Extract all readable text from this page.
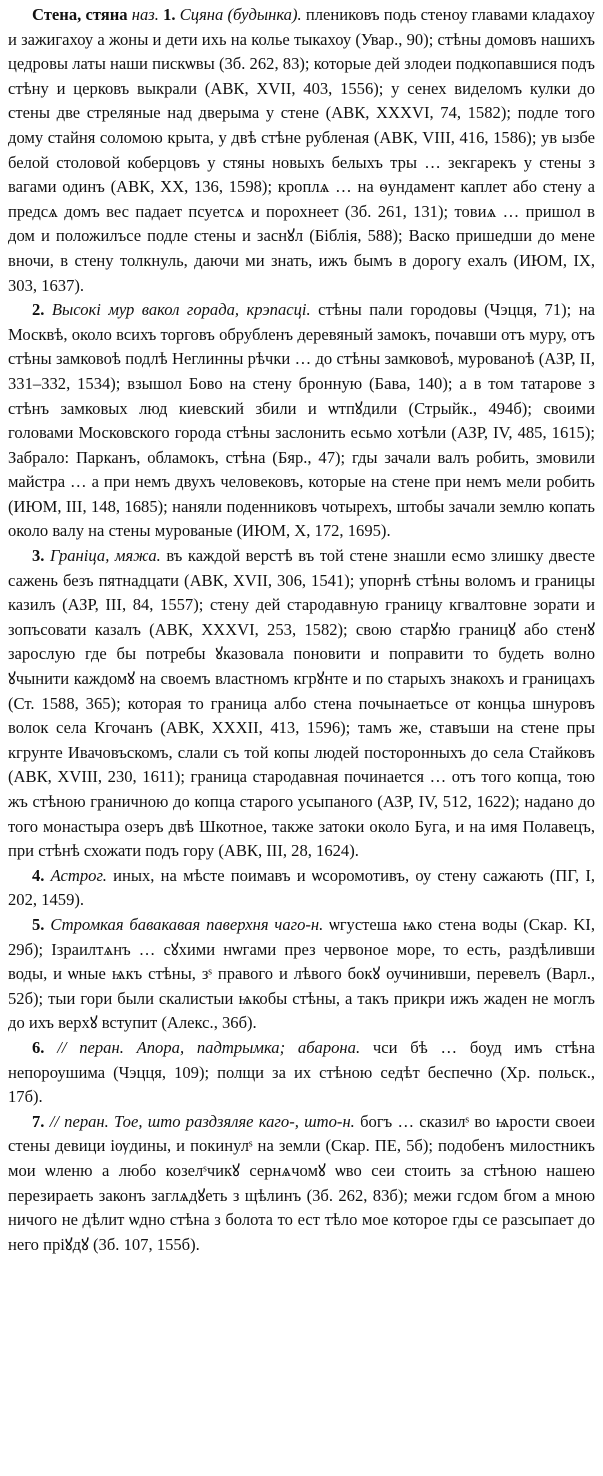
Стена, стяна наз. 1. Сцяна (будынка). плениковъ подь стеноу главами кладахоу и зажигахоу а жоны и дети ихь на колье тыкахоу (Увар., 90); стѣны домовъ нашихъ цедровы латы наши пискѡвы (3б. 262, 83); которые дей злодеи подкопавшися подъ стѣну и церковъ выкрали (АВК, XVII, 403, 1556); у сенех виделомъ кулки до стены две стреляные над дверыма у стене (АВК, XXXVI, 74, 1582); подле того дому стайня соломою крыта, у двѣ стѣне рубленая (АВК, VIII, 416, 1586); ув ызбе белой столовой коберцовъ у стяны новыхъ белыхъ тры … зекгарекъ у стены з вагами одинъ (АВК, ХХ, 136, 1598); кроплѧ … на ѳундамент каплет або стену а предсѧ домъ вес падает псуетсѧ и порохнеет (3б. 261, 131); товиѧ … пришол в дом и положилъсе подле стены и заснꙋл (Біблія, 588); Васко пришедши до мене вночи, в стену толкнуль, даючи ми знать, ижъ бымъ в дорогу ехалъ (ИЮМ, IX, 303, 1637).

2. Высокі мур вакол горада, крэпасці. стѣны пали городовы (Чэцця, 71); на Москвѣ, около всихъ торговъ обрубленъ деревяный замокъ, почавши отъ муру, отъ стѣны замковоѣ подлѣ Неглинны рѣчки … до стѣны замковоѣ, мурованоѣ (АЗР, II, 331–332, 1534); взышол Бово на стену бронную (Бава, 140); а в том татарове з стѣнъ замковых люд киевский збили и ѡтпꙋдили (Стрыйк., 494б); своими головами Московского города стѣны заслонить есьмо хотѣли (АЗР, IV, 485, 1615); Забрало: Парканъ, обламокъ, стѣна (Бяр., 47); гды зачали валъ робить, змовили майстра … а при немъ двухъ человековъ, которые на стене при немъ мели робить (ИЮМ, III, 148, 1685); наняли поденниковъ чотырехъ, штобы зачали землю копать около валу на стены мурованые (ИЮМ, Х, 172, 1695).

3. Граніца, мяжа. въ каждой верстѣ въ той стене знашли есмо злишку двесте сажень безъ пятнадцати (АВК, XVII, 306, 1541); упорнѣ стѣны воломъ и границы казилъ (АЗР, III, 84, 1557); стену дей стародавную границу кгвалтовне зорати и зопъсовати казалъ (АВК, XXXVI, 253, 1582); свою старꙋю границꙋ або стенꙋ зарослую где бы потребы ꙋказовала поновити и поправити то будеть волно ꙋчынити каждомꙋ на своемъ властномъ кгрꙋнте и по старыхъ знакохъ и границахъ (Ст. 1588, 365); которая то граница албо стена почынаетьсе от концьа шнуровъ волок села Кгочанъ (АВК, XXXII, 413, 1596); тамъ же, ставъши на стене пры кгрунте Ивачовъскомъ, слали съ той копы людей посторонныхъ до села Стайковъ (АВК, XVIII, 230, 1611); граница стародавная починается … отъ того копца, тою жъ стѣною граничною до копца старого усыпаного (АЗР, IV, 512, 1622); надано до того монастыра озеръ двѣ Шкотное, также затоки около Буга, и на имя Полавецъ, при стѣнѣ схожати подъ гору (АВК, III, 28, 1624).

4. Астрог. иных, на мѣсте поимавъ и ѡсоромотивъ, оу стену сажають (ПГ, I, 202, 1459).

5. Стромкая бавакавая паверхня чаго-н. ѡгустеша ѩко стена воды (Скар. KI, 29б); Ізраилтѧнъ … сꙋхими нѡгами през червоное море, то есть, раздѣливши воды, и ѡные ѩкъ стѣны, зˢ правого и лѣвого бокꙋ оучинивши, перевелъ (Варл., 52б); тыи гори были скалистыи ѩкобы стѣны, а такъ прикри ижъ жаден не моглъ до ихъ верхꙋ вступит (Алекс., 36б).

6. // перан. Апора, падтрымка; абарона. чси бѣ … боуд имъ стѣна непороушима (Чэцця, 109); полщи за их стѣною седѣт беспечно (Хр. польск., 17б).

7. // перан. Тое, што раздзяляе каго-, што-н. богъ … сказилˢ во ѩрости своеи стены девици іѹдины, и покинулˢ на земли (Скар. ПЕ, 5б); подобенъ милостникъ мои ѡленю а любо козелˢчикꙋ сернѧчомꙋ ѡво сеи стоить за стѣною нашею перезираеть законъ заглѧдꙋеть з щѣлинъ (3б. 262, 83б); межи гсдом бгом а мною ничого не дѣлит ѡдно стѣна з болота то ест тѣло мое которое гды се разсыпает до него прiꙋдꙋ (3б. 107, 155б).
